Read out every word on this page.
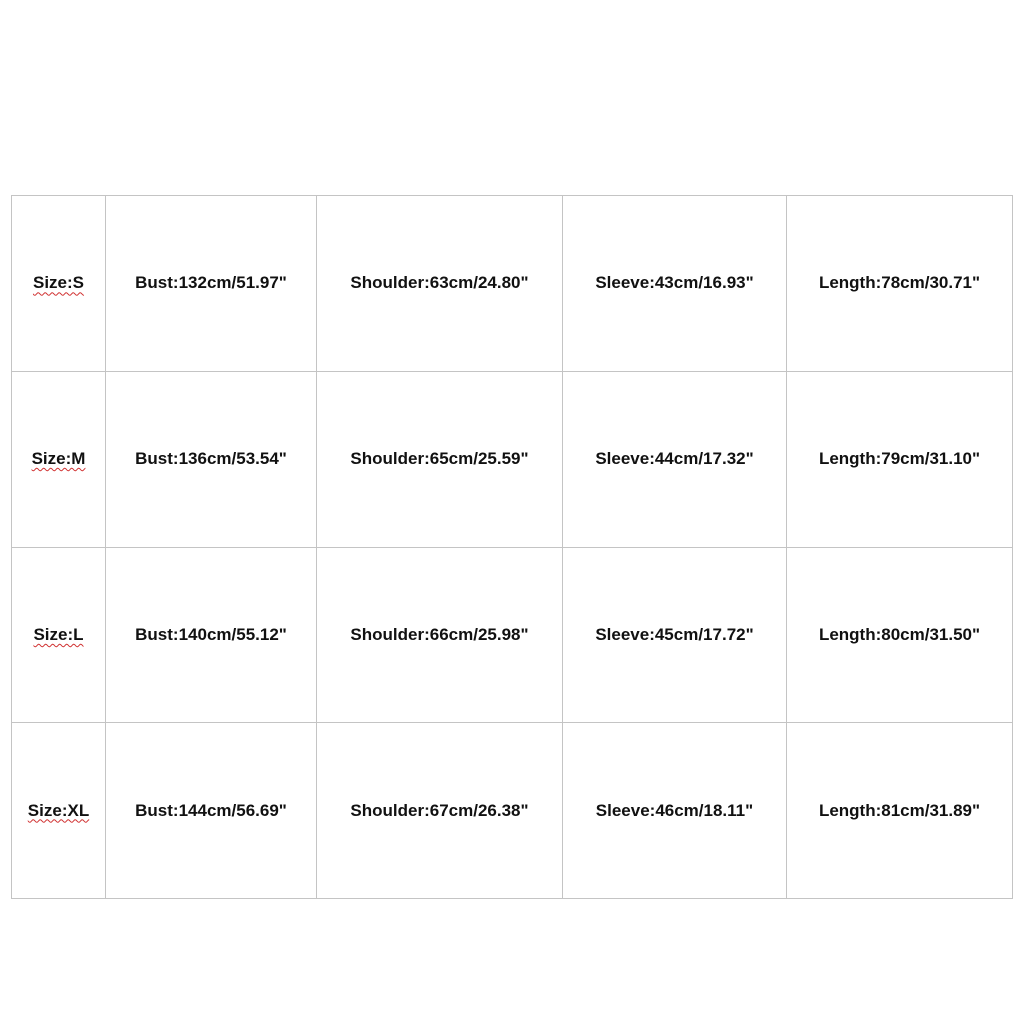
Size:S	Bust:132cm/51.97"	Shoulder:63cm/24.80"	Sleeve:43cm/16.93"	Length:78cm/30.71"
Size:M	Bust:136cm/53.54"	Shoulder:65cm/25.59"	Sleeve:44cm/17.32"	Length:79cm/31.10"
Size:L	Bust:140cm/55.12"	Shoulder:66cm/25.98"	Sleeve:45cm/17.72"	Length:80cm/31.50"
Size:XL	Bust:144cm/56.69"	Shoulder:67cm/26.38"	Sleeve:46cm/18.11"	Length:81cm/31.89"
